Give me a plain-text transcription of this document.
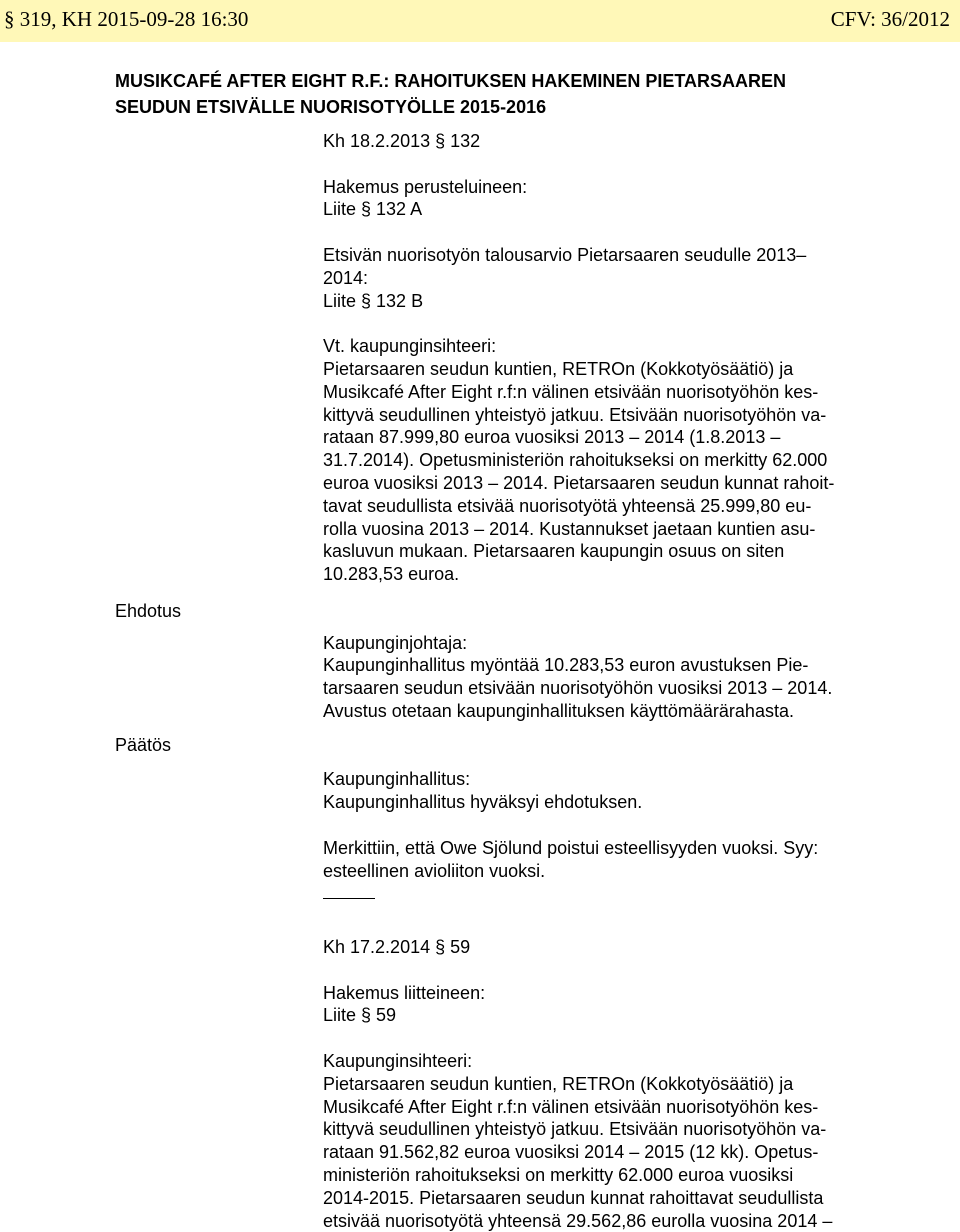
§ 319, KH 2015-09-28 16:30	CFV: 36/2012
MUSIKCAFÉ AFTER EIGHT R.F.: RAHOITUKSEN HAKEMINEN PIETARSAAREN
SEUDUN ETSIVÄLLE NUORISOTYÖLLE 2015-2016
Ehdotus
Päätös
Kh 18.2.2013 § 132
Hakemus perusteluineen:
Liite § 132 A
Etsivän nuorisotyön talousarvio Pietarsaaren seudulle 2013–
2014:
Liite § 132 B
Vt. kaupunginsihteeri:
Pietarsaaren seudun kuntien, RETROn (Kokkotyösäätiö) ja
Musikcafé After Eight r.f:n välinen etsivään nuorisotyöhön kes-
kittyvä seudullinen yhteistyö jatkuu. Etsivään nuorisotyöhön va-
rataan 87.999,80 euroa vuosiksi 2013 – 2014 (1.8.2013 –
31.7.2014). Opetusministeriön rahoitukseksi on merkitty 62.000
euroa vuosiksi 2013 – 2014. Pietarsaaren seudun kunnat rahoit-
tavat seudullista etsivää nuorisotyötä yhteensä 25.999,80 eu-
rolla vuosina 2013 – 2014. Kustannukset jaetaan kuntien asu-
kasluvun mukaan. Pietarsaaren kaupungin osuus on siten
10.283,53 euroa.
Kaupunginjohtaja:
Kaupunginhallitus myöntää 10.283,53 euron avustuksen Pie-
tarsaaren seudun etsivään nuorisotyöhön vuosiksi 2013 – 2014.
Avustus otetaan kaupunginhallituksen käyttömäärärahasta.
Kaupunginhallitus:
Kaupunginhallitus hyväksyi ehdotuksen.
Merkittiin, että Owe Sjölund poistui esteellisyyden vuoksi. Syy:
esteellinen avioliiton vuoksi.
Kh 17.2.2014 § 59
Hakemus liitteineen:
Liite § 59
Kaupunginsihteeri:
Pietarsaaren seudun kuntien, RETROn (Kokkotyösäätiö) ja
Musikcafé After Eight r.f:n välinen etsivään nuorisotyöhön kes-
kittyvä seudullinen yhteistyö jatkuu. Etsivään nuorisotyöhön va-
rataan 91.562,82 euroa vuosiksi 2014 – 2015 (12 kk). Opetus-
ministeriön rahoitukseksi on merkitty 62.000 euroa vuosiksi
2014-2015. Pietarsaaren seudun kunnat rahoittavat seudullista
etsivää nuorisotyötä yhteensä 29.562,86 eurolla vuosina 2014 –
